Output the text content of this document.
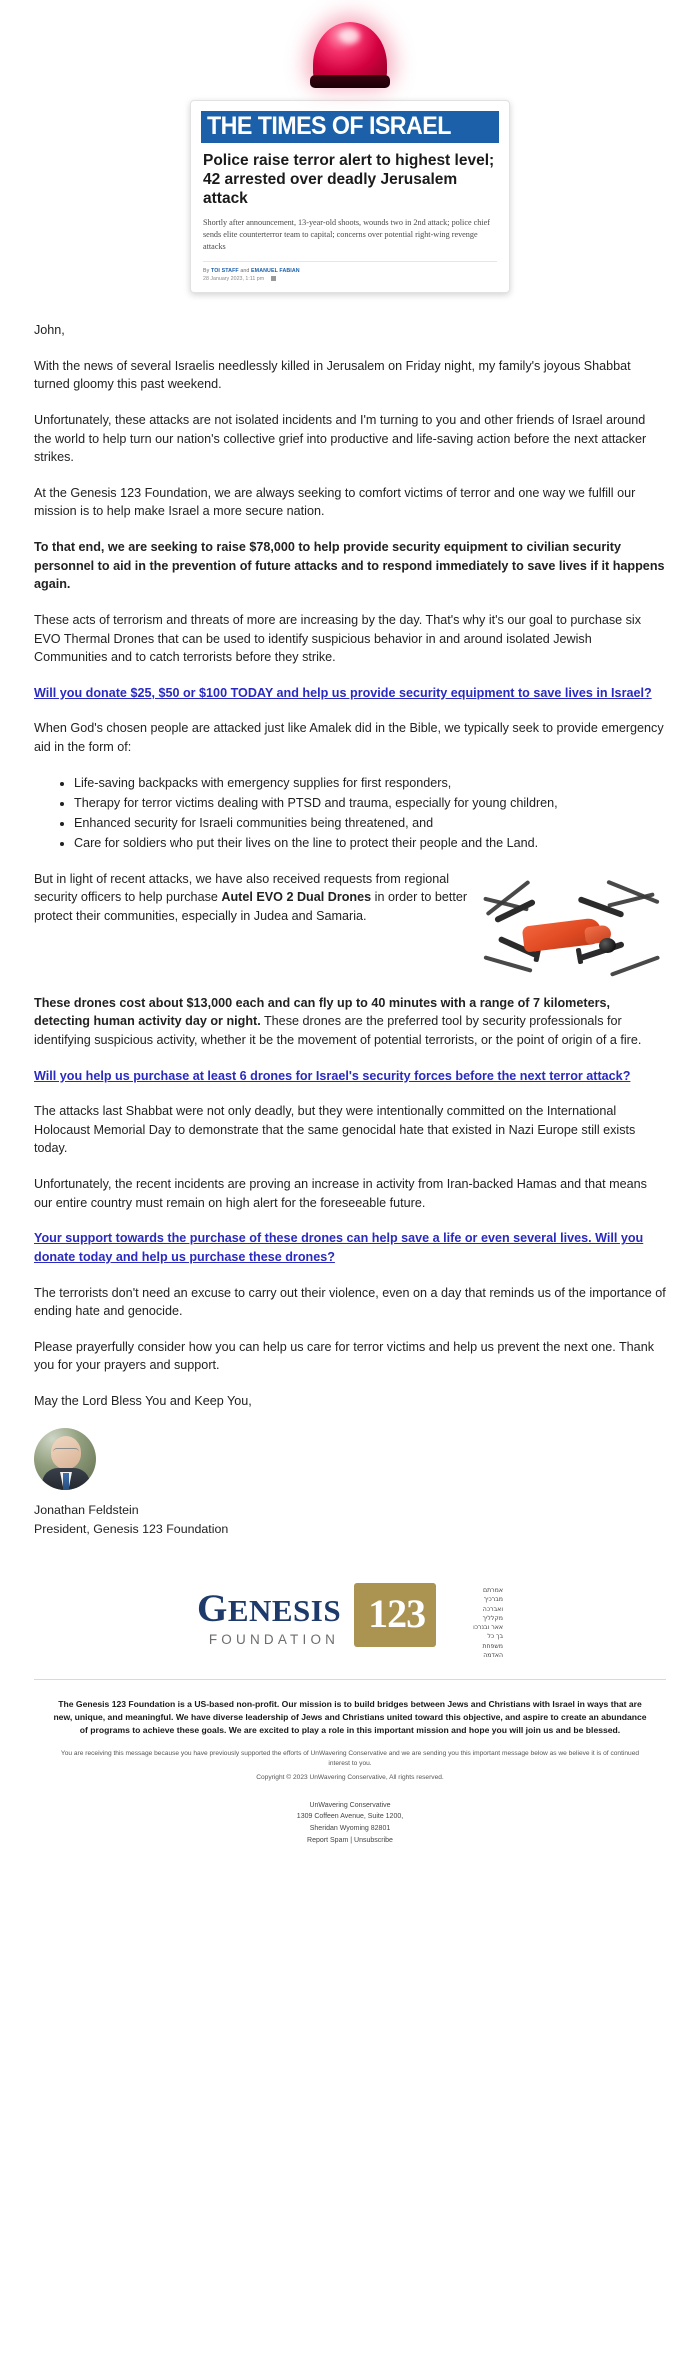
THE TIMES OF ISRAEL
Police raise terror alert to highest level; 42 arrested over deadly Jerusalem attack
Shortly after announcement, 13-year-old shoots, wounds two in 2nd attack; police chief sends elite counterterror team to capital; concerns over potential right-wing revenge attacks
By TOI STAFF and EMANUEL FABIAN
28 January 2023, 1:11 pm

John,

With the news of several Israelis needlessly killed in Jerusalem on Friday night, my family's joyous Shabbat turned gloomy this past weekend.

Unfortunately, these attacks are not isolated incidents and I'm turning to you and other friends of Israel around the world to help turn our nation's collective grief into productive and life-saving action before the next attacker strikes.

At the Genesis 123 Foundation, we are always seeking to comfort victims of terror and one way we fulfill our mission is to help make Israel a more secure nation.

To that end, we are seeking to raise $78,000 to help provide security equipment to civilian security personnel to aid in the prevention of future attacks and to respond immediately to save lives if it happens again.

These acts of terrorism and threats of more are increasing by the day. That's why it's our goal to purchase six EVO Thermal Drones that can be used to identify suspicious behavior in and around isolated Jewish Communities and to catch terrorists before they strike.

Will you donate $25, $50 or $100 TODAY and help us provide security equipment to save lives in Israel?

When God's chosen people are attacked just like Amalek did in the Bible, we typically seek to provide emergency aid in the form of:

• Life-saving backpacks with emergency supplies for first responders,
• Therapy for terror victims dealing with PTSD and trauma, especially for young children,
• Enhanced security for Israeli communities being threatened, and
• Care for soldiers who put their lives on the line to protect their people and the Land.

But in light of recent attacks, we have also received requests from regional security officers to help purchase Autel EVO 2 Dual Drones in order to better protect their communities, especially in Judea and Samaria.

These drones cost about $13,000 each and can fly up to 40 minutes with a range of 7 kilometers, detecting human activity day or night. These drones are the preferred tool by security professionals for identifying suspicious activity, whether it be the movement of potential terrorists, or the point of origin of a fire.

Will you help us purchase at least 6 drones for Israel's security forces before the next terror attack?

The attacks last Shabbat were not only deadly, but they were intentionally committed on the International Holocaust Memorial Day to demonstrate that the same genocidal hate that existed in Nazi Europe still exists today.

Unfortunately, the recent incidents are proving an increase in activity from Iran-backed Hamas and that means our entire country must remain on high alert for the foreseeable future.

Your support towards the purchase of these drones can help save a life or even several lives. Will you donate today and help us purchase these drones?

The terrorists don't need an excuse to carry out their violence, even on a day that reminds us of the importance of ending hate and genocide.

Please prayerfully consider how you can help us care for terror victims and help us prevent the next one. Thank you for your prayers and support.

May the Lord Bless You and Keep You,

Jonathan Feldstein
President, Genesis 123 Foundation
GENESIS
FOUNDATION

123

אמרתם
מברכיך
ואברכה
מקלליך
אאר ובנרכו
בך כל
משפחת
האדמה

The Genesis 123 Foundation is a US-based non-profit. Our mission is to build bridges between Jews and Christians with Israel in ways that are new, unique, and meaningful. We have diverse leadership of Jews and Christians united toward this objective, and aspire to create an abundance of programs to achieve these goals. We are excited to play a role in this important mission and hope you will join us and be blessed.

You are receiving this message because you have previously supported the efforts of UnWavering Conservative and we are sending you this important message below as we believe it is of continued interest to you.

Copyright © 2023 UnWavering Conservative, All rights reserved.

UnWavering Conservative

1309 Coffeen Avenue, Suite 1200,

Sheridan Wyoming 82801

Report Spam | Unsubscribe
